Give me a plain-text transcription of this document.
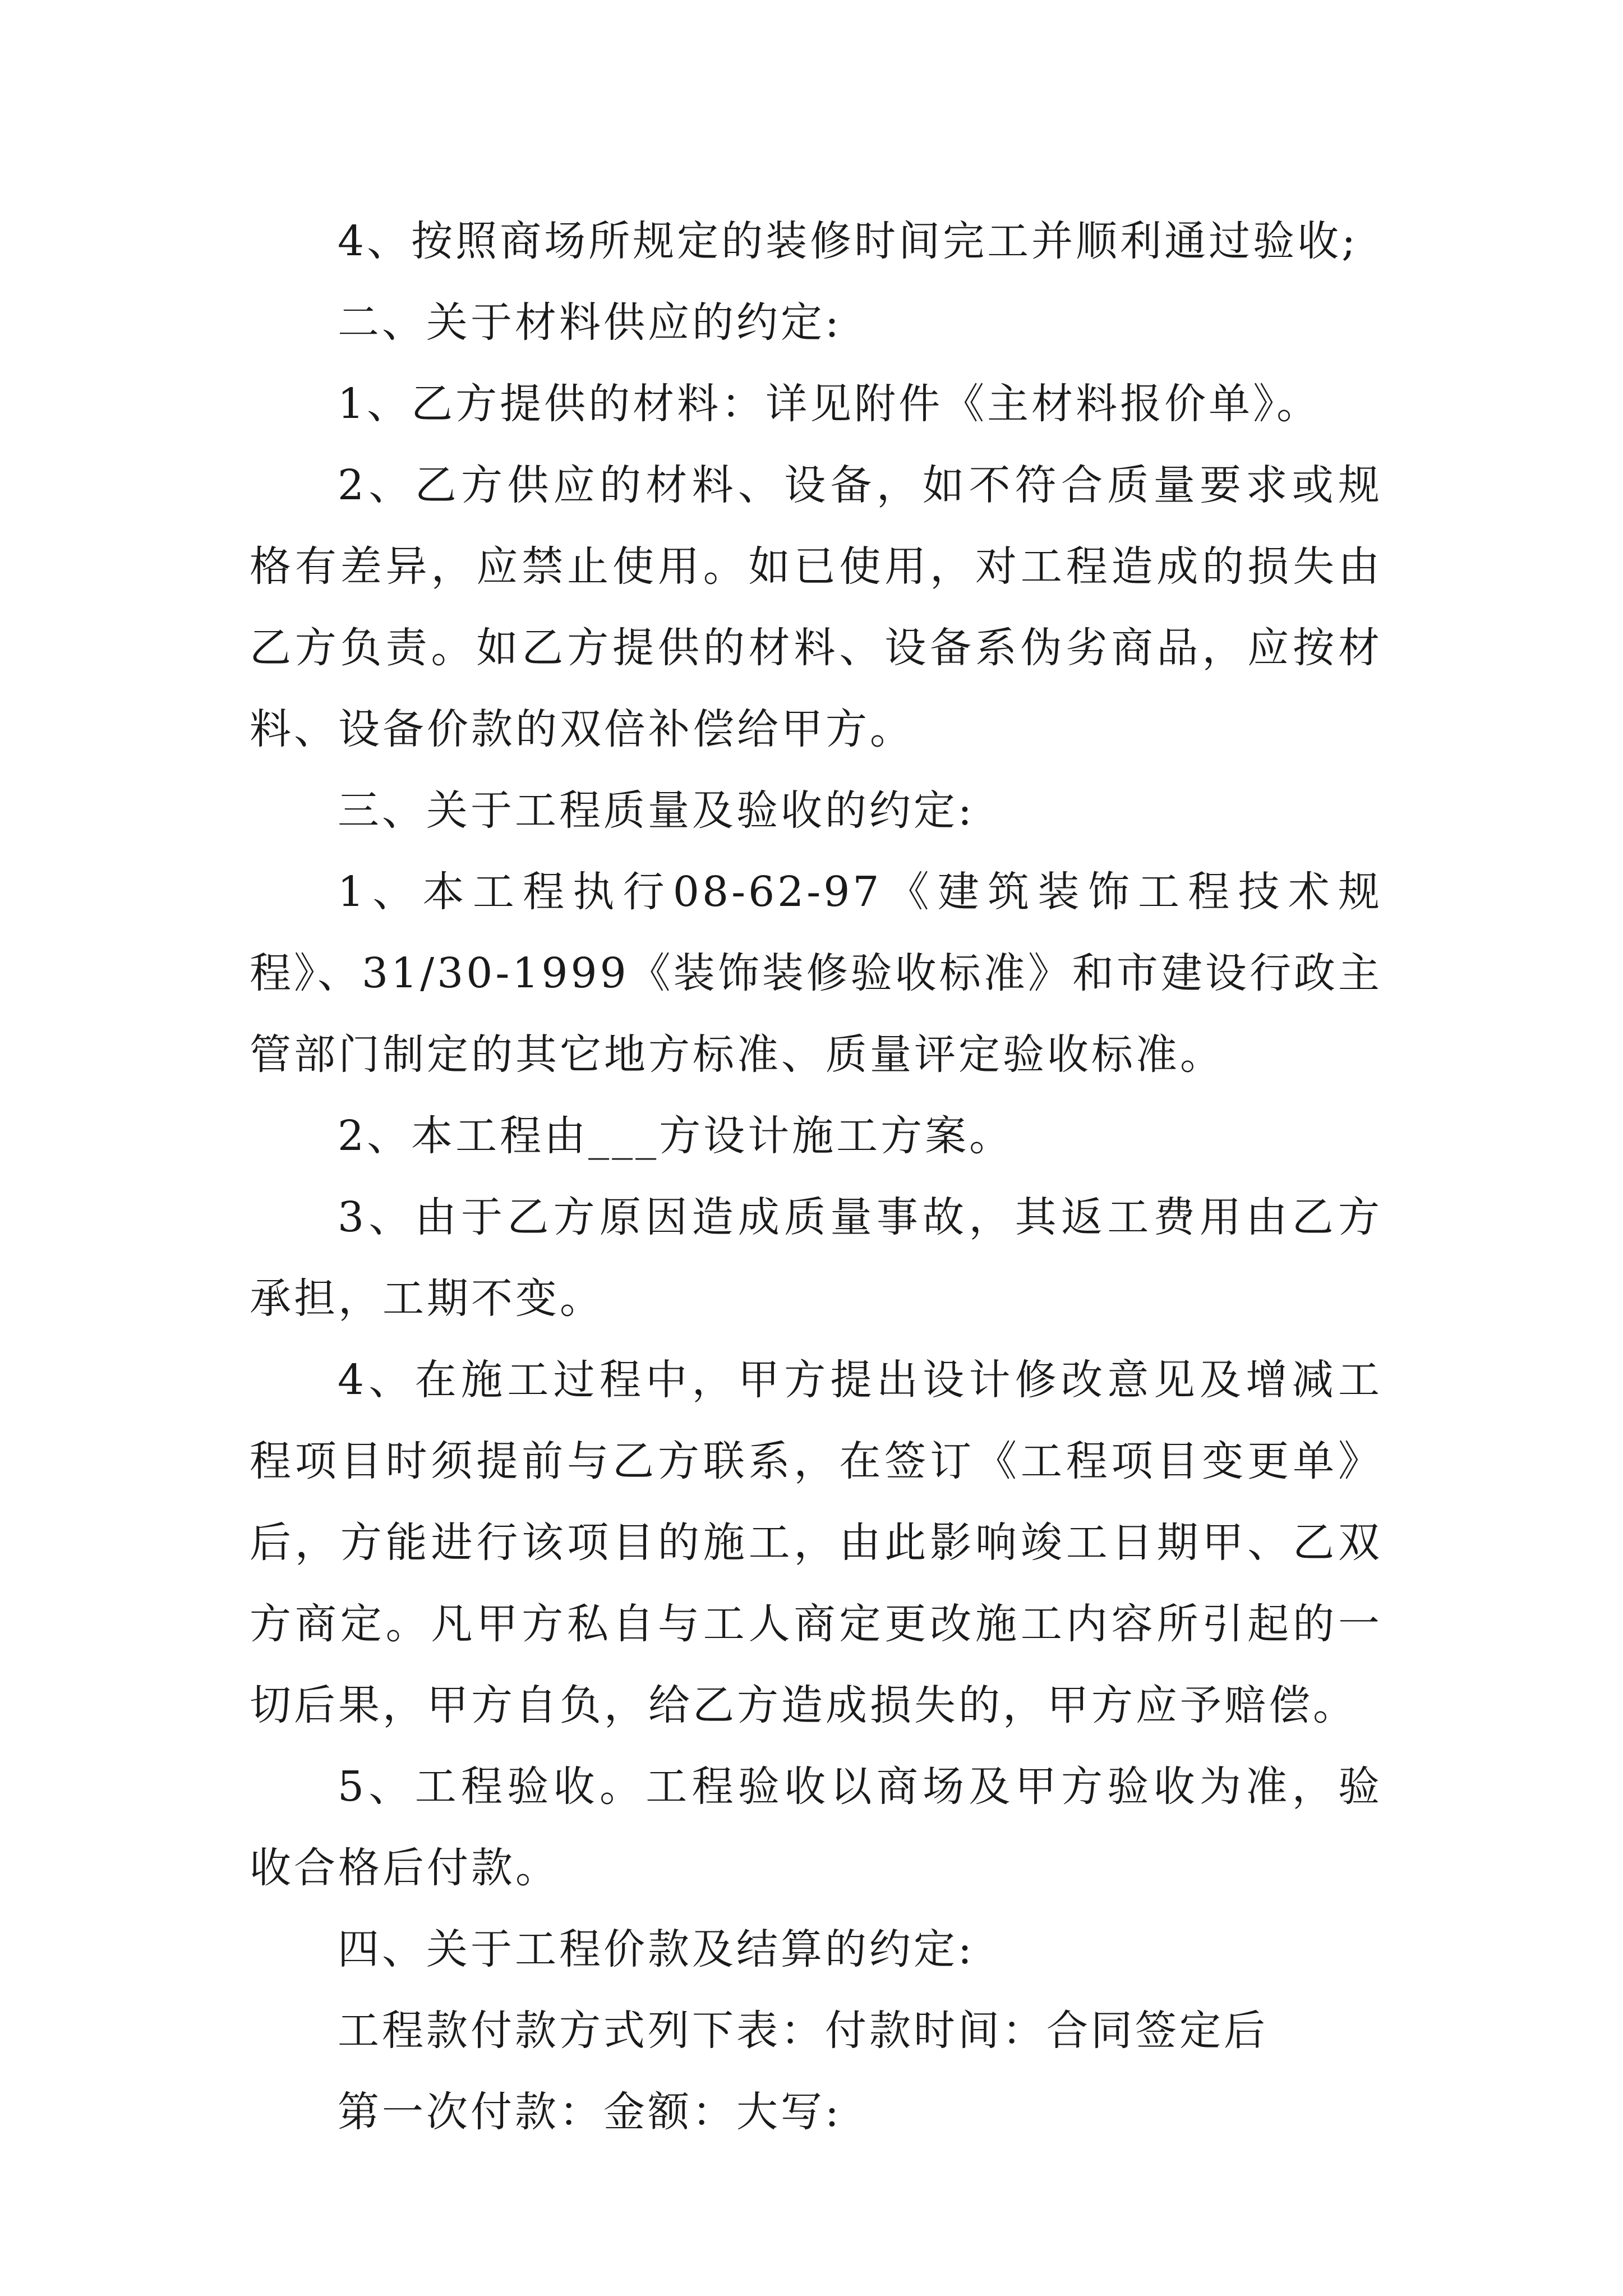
4、按照商场所规定的装修时间完工并顺利通过验收;

二、关于材料供应的约定:

1、乙方提供的材料：详见附件《主材料报价单》。

2、乙方供应的材料、设备，如不符合质量要求或规格有差异，应禁止使用。如已使用，对工程造成的损失由乙方负责。如乙方提供的材料、设备系伪劣商品，应按材料、设备价款的双倍补偿给甲方。

三、关于工程质量及验收的约定:

1、本工程执行08-62-97《建筑装饰工程技术规程》、31/30-1999《装饰装修验收标准》和市建设行政主管部门制定的其它地方标准、质量评定验收标准。

2、本工程由___方设计施工方案。

3、由于乙方原因造成质量事故，其返工费用由乙方承担，工期不变。

4、在施工过程中，甲方提出设计修改意见及增减工程项目时须提前与乙方联系，在签订《工程项目变更单》后，方能进行该项目的施工，由此影响竣工日期甲、乙双方商定。凡甲方私自与工人商定更改施工内容所引起的一切后果，甲方自负，给乙方造成损失的，甲方应予赔偿。

5、工程验收。工程验收以商场及甲方验收为准，验收合格后付款。

四、关于工程价款及结算的约定:

工程款付款方式列下表：付款时间：合同签定后

第一次付款：金额：大写:
